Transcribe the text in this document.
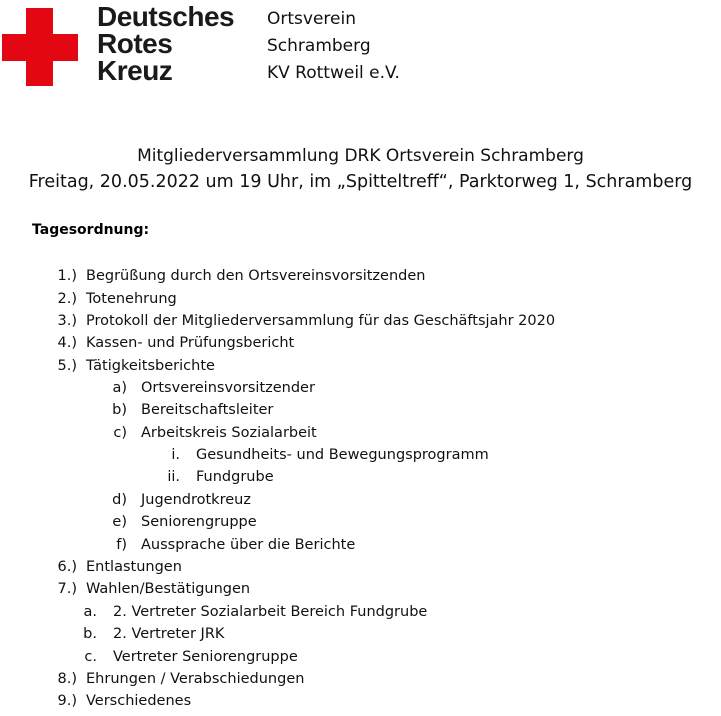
Deutsches
Rotes
Kreuz
Ortsverein
Schramberg
KV Rottweil e.V.
Mitgliederversammlung DRK Ortsverein Schramberg
Freitag, 20.05.2022 um 19 Uhr, im „Spitteltreff“, Parktorweg 1, Schramberg
Tagesordnung:
1.) Begrüßung durch den Ortsvereinsvorsitzenden
2.) Totenehrung
3.) Protokoll der Mitgliederversammlung für das Geschäftsjahr 2020
4.) Kassen- und Prüfungsbericht
5.) Tätigkeitsberichte
a) Ortsvereinsvorsitzender
b) Bereitschaftsleiter
c) Arbeitskreis Sozialarbeit
i. Gesundheits- und Bewegungsprogramm
ii. Fundgrube
d) Jugendrotkreuz
e) Seniorengruppe
f) Aussprache über die Berichte
6.) Entlastungen
7.) Wahlen/Bestätigungen
a. 2. Vertreter Sozialarbeit Bereich Fundgrube
b. 2. Vertreter JRK
c. Vertreter Seniorengruppe
8.) Ehrungen / Verabschiedungen
9.) Verschiedenes
